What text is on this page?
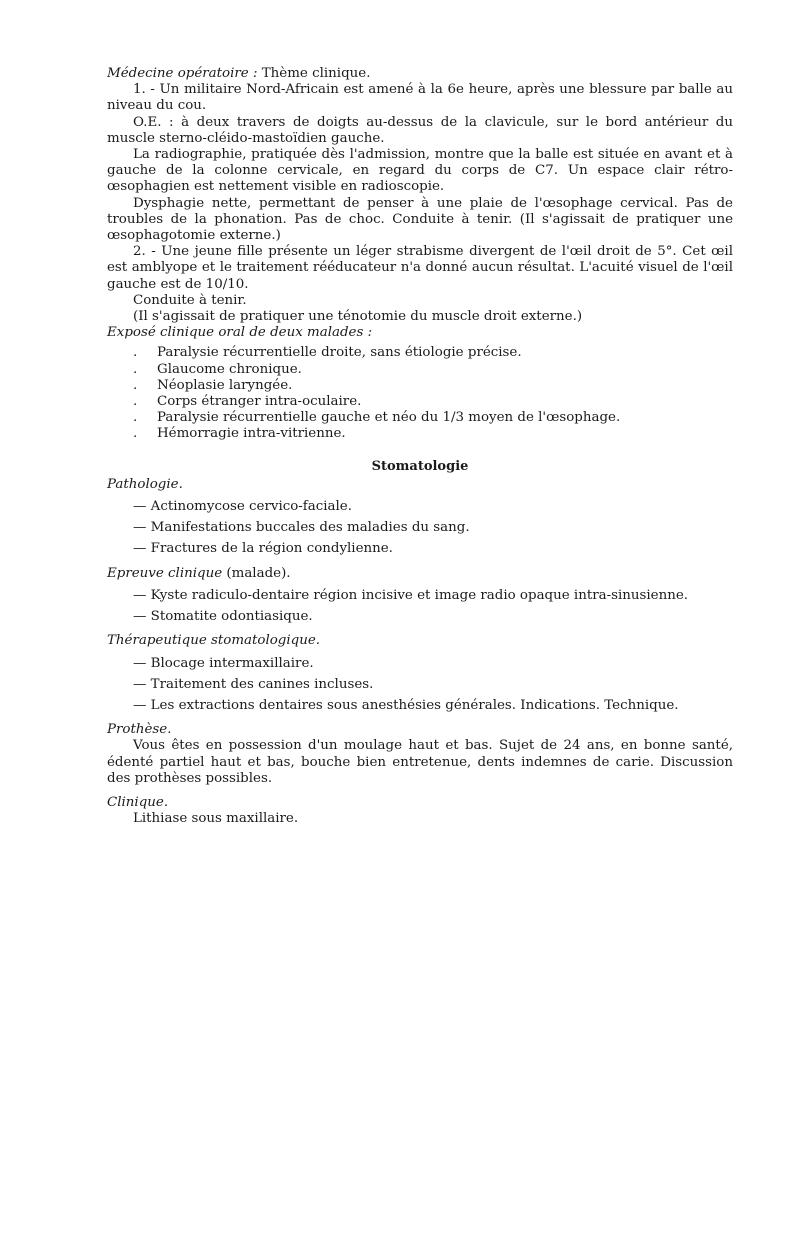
Médecine opératoire : Thème clinique.

1. - Un militaire Nord-Africain est amené à la 6e heure, après une blessure par balle au niveau du cou.

O.E. : à deux travers de doigts au-dessus de la clavicule, sur le bord antérieur du muscle sterno-cléido-mastoïdien gauche.

La radiographie, pratiquée dès l'admission, montre que la balle est située en avant et à gauche de la colonne cervicale, en regard du corps de C7. Un espace clair rétro-œsophagien est nettement visible en radioscopie.

Dysphagie nette, permettant de penser à une plaie de l'œsophage cervical. Pas de troubles de la phonation. Pas de choc. Conduite à tenir. (Il s'agissait de pratiquer une œsophagotomie externe.)

2. - Une jeune fille présente un léger strabisme divergent de l'œil droit de 5°. Cet œil est amblyope et le traitement rééducateur n'a donné aucun résultat. L'acuité visuel de l'œil gauche est de 10/10.

Conduite à tenir.

(Il s'agissait de pratiquer une ténotomie du muscle droit externe.)

Exposé clinique oral de deux malades :

. Paralysie récurrentielle droite, sans étiologie précise.
. Glaucome chronique.
. Néoplasie laryngée.
. Corps étranger intra-oculaire.
. Paralysie récurrentielle gauche et néo du 1/3 moyen de l'œsophage.
. Hémorragie intra-vitrienne.
Stomatologie

Pathologie.

— Actinomycose cervico-faciale.
— Manifestations buccales des maladies du sang.
— Fractures de la région condylienne.

Epreuve clinique (malade).

— Kyste radiculo-dentaire région incisive et image radio opaque intra-sinusienne.
— Stomatite odontiasique.

Thérapeutique stomatologique.

— Blocage intermaxillaire.
— Traitement des canines incluses.
— Les extractions dentaires sous anesthésies générales. Indications. Technique.

Prothèse.

Vous êtes en possession d'un moulage haut et bas. Sujet de 24 ans, en bonne santé, édenté partiel haut et bas, bouche bien entretenue, dents indemnes de carie. Discussion des prothèses possibles.

Clinique.

Lithiase sous maxillaire.
